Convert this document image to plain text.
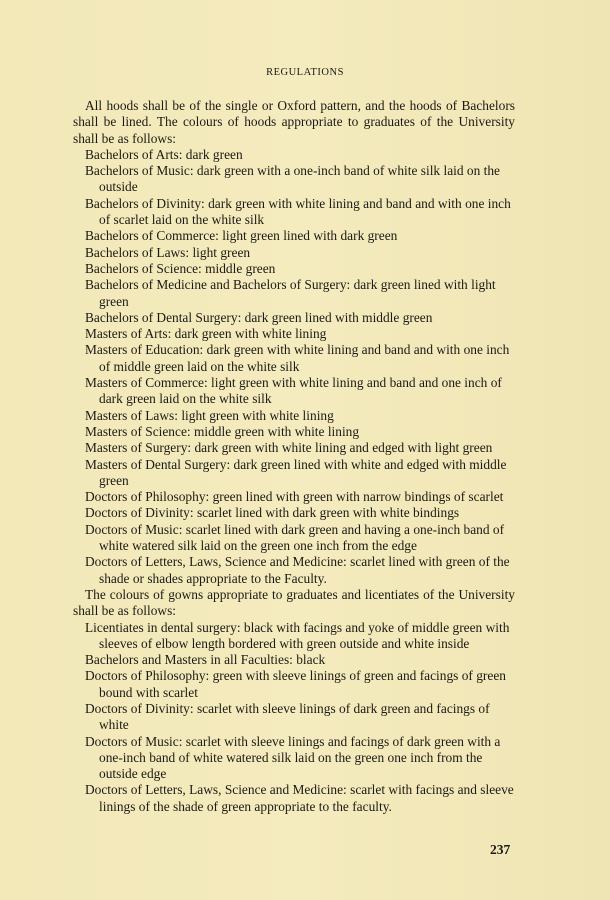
REGULATIONS

All hoods shall be of the single or Oxford pattern, and the hoods of Bachelors shall be lined. The colours of hoods appropriate to graduates of the University shall be as follows:

Bachelors of Arts: dark green
Bachelors of Music: dark green with a one-inch band of white silk laid on the outside
Bachelors of Divinity: dark green with white lining and band and with one inch of scarlet laid on the white silk
Bachelors of Commerce: light green lined with dark green
Bachelors of Laws: light green
Bachelors of Science: middle green
Bachelors of Medicine and Bachelors of Surgery: dark green lined with light green
Bachelors of Dental Surgery: dark green lined with middle green
Masters of Arts: dark green with white lining
Masters of Education: dark green with white lining and band and with one inch of middle green laid on the white silk
Masters of Commerce: light green with white lining and band and one inch of dark green laid on the white silk
Masters of Laws: light green with white lining
Masters of Science: middle green with white lining
Masters of Surgery: dark green with white lining and edged with light green
Masters of Dental Surgery: dark green lined with white and edged with middle green
Doctors of Philosophy: green lined with green with narrow bindings of scarlet
Doctors of Divinity: scarlet lined with dark green with white bindings
Doctors of Music: scarlet lined with dark green and having a one-inch band of white watered silk laid on the green one inch from the edge
Doctors of Letters, Laws, Science and Medicine: scarlet lined with green of the shade or shades appropriate to the Faculty.

The colours of gowns appropriate to graduates and licentiates of the University shall be as follows:

Licentiates in dental surgery: black with facings and yoke of middle green with sleeves of elbow length bordered with green outside and white inside
Bachelors and Masters in all Faculties: black
Doctors of Philosophy: green with sleeve linings of green and facings of green bound with scarlet
Doctors of Divinity: scarlet with sleeve linings of dark green and facings of white
Doctors of Music: scarlet with sleeve linings and facings of dark green with a one-inch band of white watered silk laid on the green one inch from the outside edge
Doctors of Letters, Laws, Science and Medicine: scarlet with facings and sleeve linings of the shade of green appropriate to the faculty.
237
